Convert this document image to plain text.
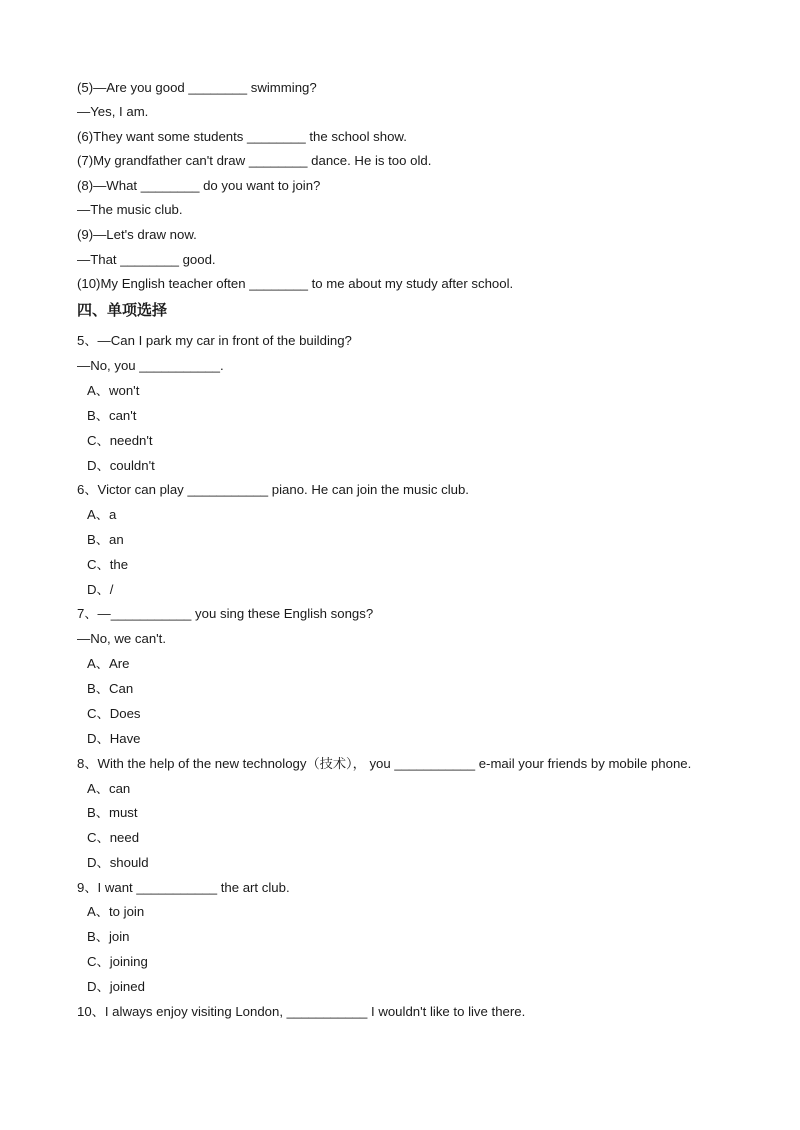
(5)—Are you good ________ swimming?
—Yes, I am.
(6)They want some students ________ the school show.
(7)My grandfather can't draw ________ dance. He is too old.
(8)—What ________ do you want to join?
—The music club.
(9)—Let's draw now.
—That ________ good.
(10)My English teacher often ________ to me about my study after school.
四、单项选择
5、—Can I park my car in front of the building?
—No, you ___________.
A、won't
B、can't
C、needn't
D、couldn't
6、Victor can play ___________ piano. He can join the music club.
A、a
B、an
C、the
D、/
7、—___________ you sing these English songs?
—No, we can't.
A、Are
B、Can
C、Does
D、Have
8、With the help of the new technology（技术）， you ___________ e-mail your friends by mobile phone.
A、can
B、must
C、need
D、should
9、I want ___________ the art club.
A、to join
B、join
C、joining
D、joined
10、I always enjoy visiting London, ___________ I wouldn't like to live there.
